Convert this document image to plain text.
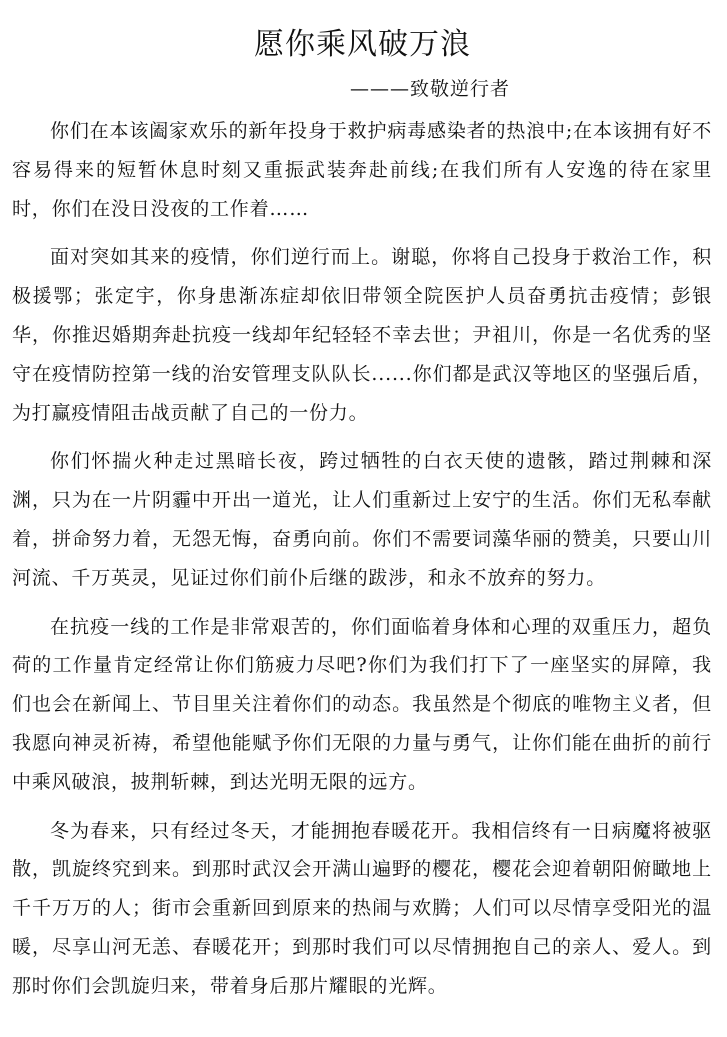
愿你乘风破万浪
———致敬逆行者

你们在本该阖家欢乐的新年投身于救护病毒感染者的热浪中;在本该拥有好不容易得来的短暂休息时刻又重振武装奔赴前线;在我们所有人安逸的待在家里时，你们在没日没夜的工作着……

面对突如其来的疫情，你们逆行而上。谢聪，你将自己投身于救治工作，积极援鄂；张定宇，你身患渐冻症却依旧带领全院医护人员奋勇抗击疫情；彭银华，你推迟婚期奔赴抗疫一线却年纪轻轻不幸去世；尹祖川，你是一名优秀的坚守在疫情防控第一线的治安管理支队队长......你们都是武汉等地区的坚强后盾，为打赢疫情阻击战贡献了自己的一份力。

你们怀揣火种走过黑暗长夜，跨过牺牲的白衣天使的遗骸，踏过荆棘和深渊，只为在一片阴霾中开出一道光，让人们重新过上安宁的生活。你们无私奉献着，拼命努力着，无怨无悔，奋勇向前。你们不需要词藻华丽的赞美，只要山川河流、千万英灵，见证过你们前仆后继的跋涉，和永不放弃的努力。

在抗疫一线的工作是非常艰苦的，你们面临着身体和心理的双重压力，超负荷的工作量肯定经常让你们筋疲力尽吧?你们为我们打下了一座坚实的屏障，我们也会在新闻上、节目里关注着你们的动态。我虽然是个彻底的唯物主义者，但我愿向神灵祈祷，希望他能赋予你们无限的力量与勇气，让你们能在曲折的前行中乘风破浪，披荆斩棘，到达光明无限的远方。

冬为春来，只有经过冬天，才能拥抱春暖花开。我相信终有一日病魔将被驱散，凯旋终究到来。到那时武汉会开满山遍野的樱花，樱花会迎着朝阳俯瞰地上千千万万的人；街市会重新回到原来的热闹与欢腾；人们可以尽情享受阳光的温暖，尽享山河无恙、春暖花开；到那时我们可以尽情拥抱自己的亲人、爱人。到那时你们会凯旋归来，带着身后那片耀眼的光辉。
